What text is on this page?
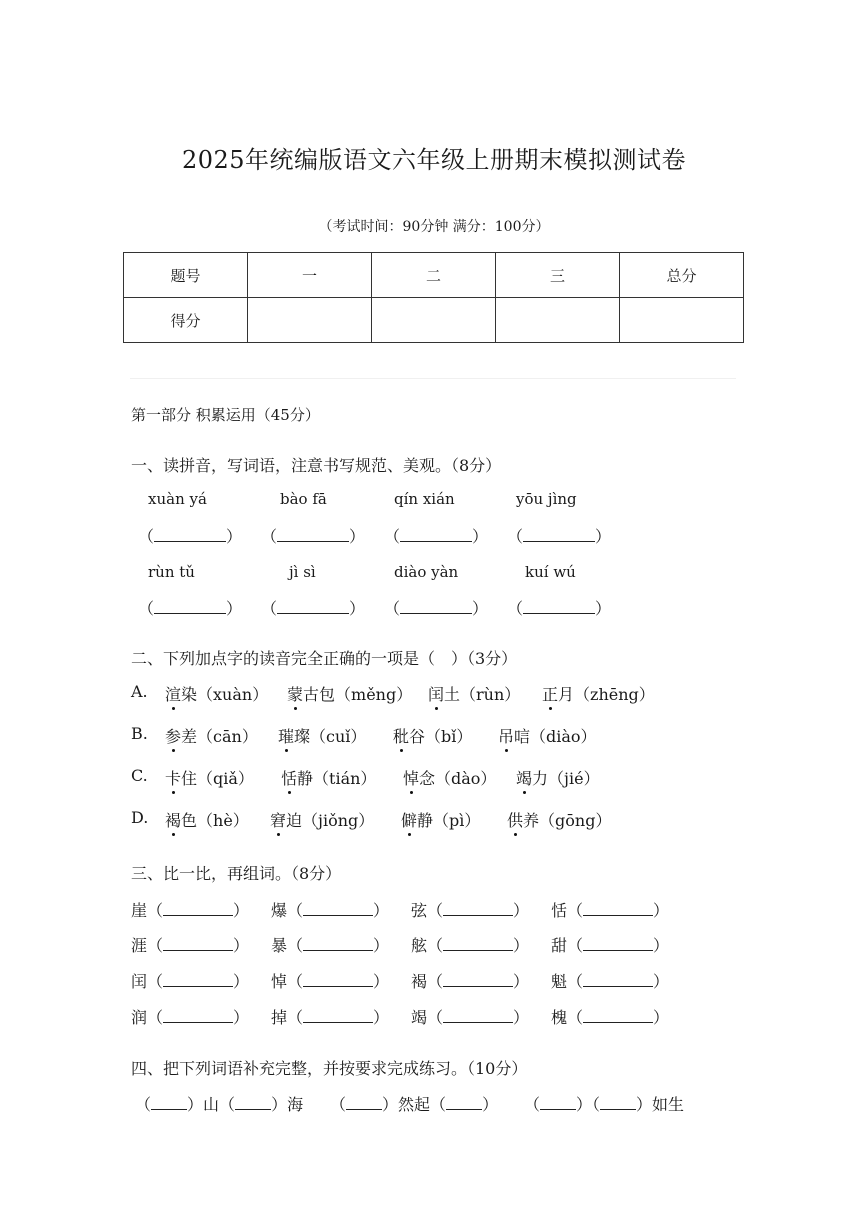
2025年统编版语文六年级上册期末模拟测试卷
（考试时间：90分钟 满分：100分）
题号	一	二	三	总分
得分				
第一部分 积累运用（45分）
一、读拼音，写词语，注意书写规范、美观。（8分）
xuàn yá	bào fā	qín xián	yōu jìng
（	） （	） （	） （	）
rùn tǔ	jì sì	diào yàn	kuí wú
（	） （	） （	） （	）
二、下列加点字的读音完全正确的一项是（　）（3分）
A. 渲染（xuàn） 蒙古包（měng） 闰土（rùn） 正月（zhēng）
B. 参差（cān） 璀璨（cuǐ） 秕谷（bǐ） 吊唁（diào）
C. 卡住（qiǎ） 恬静（tián） 悼念（dào） 竭力（jié）
D. 褐色（hè） 窘迫（jiǒng） 僻静（pì） 供养（gōng）
三、比一比，再组词。（8分）
崖（	） 爆（	） 弦（	） 恬（	）
涯（	） 暴（	） 舷（	） 甜（	）
闰（	） 悼（	） 褐（	） 魁（	）
润（	） 掉（	） 竭（	） 槐（	）
四、把下列词语补充完整，并按要求完成练习。（10分）
（ ）山（ ）海 （ ）然起（ ） （ ）（ ）如生
